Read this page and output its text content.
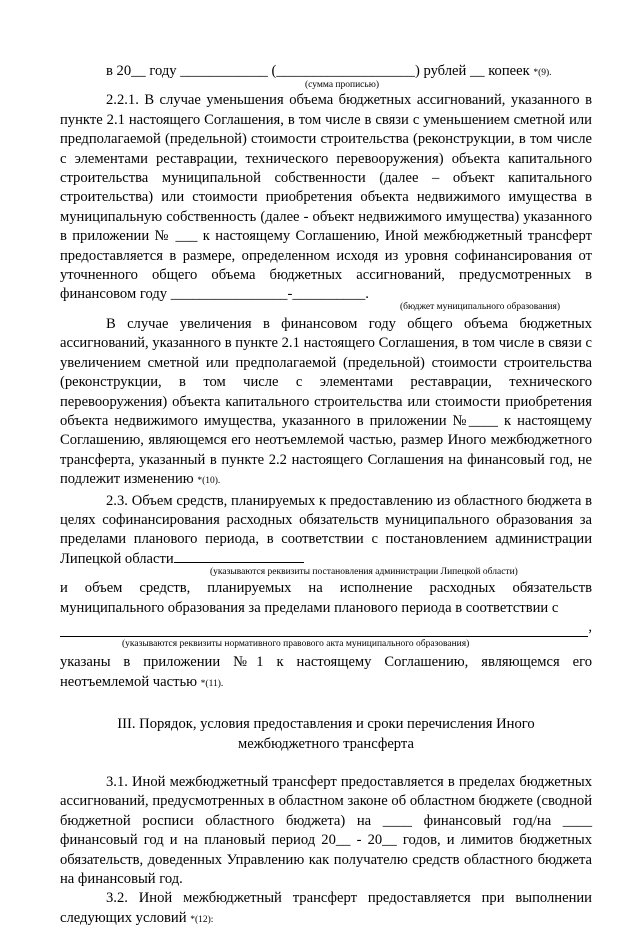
в 20__ году ____________ (___________________) рублей __ копеек *(9).

(сумма прописью)

2.2.1. В случае уменьшения объема бюджетных ассигнований, указанного в пункте 2.1 настоящего Соглашения, в том числе в связи с уменьшением сметной или предполагаемой (предельной) стоимости строительства (реконструкции, в том числе с элементами реставрации, технического перевооружения) объекта капитального строительства муниципальной собственности (далее – объект капитального строительства) или стоимости приобретения объекта недвижимого имущества в муниципальную собственность (далее - объект недвижимого имущества) указанного в приложении № ___ к настоящему Соглашению, Иной межбюджетный трансферт предоставляется в размере, определенном исходя из уровня софинансирования от уточненного общего объема бюджетных ассигнований, предусмотренных в финансовом году ________________-__________.

(бюджет муниципального образования)

В случае увеличения в финансовом году общего объема бюджетных ассигнований, указанного в пункте 2.1 настоящего Соглашения, в том числе в связи с увеличением сметной или предполагаемой (предельной) стоимости строительства (реконструкции, в том числе с элементами реставрации, технического перевооружения) объекта капитального строительства или стоимости приобретения объекта недвижимого имущества, указанного в приложении №____ к настоящему Соглашению, являющемся его неотъемлемой частью, размер Иного межбюджетного трансферта, указанный в пункте 2.2 настоящего Соглашения на финансовый год, не подлежит изменению *(10).

2.3. Объем средств, планируемых к предоставлению из областного бюджета в целях софинансирования расходных обязательств муниципального образования за пределами планового периода, в соответствии с постановлением администрации Липецкой области

(указываются реквизиты постановления администрации Липецкой области)

и объем средств, планируемых на исполнение расходных обязательств муниципального образования за пределами планового периода в соответствии с

,

(указываются реквизиты нормативного правового акта муниципального образования)

указаны в приложении №1 к настоящему Соглашению, являющемся его неотъемлемой частью *(11).

III. Порядок, условия предоставления и сроки перечисления Иного межбюджетного трансферта

3.1. Иной межбюджетный трансферт предоставляется в пределах бюджетных ассигнований, предусмотренных в областном законе об областном бюджете (сводной бюджетной росписи областного бюджета) на ____ финансовый год/на ____ финансовый год и на плановый период 20__ - 20__ годов, и лимитов бюджетных обязательств, доведенных Управлению как получателю средств областного бюджета на финансовый год.

3.2. Иной межбюджетный трансферт предоставляется при выполнении следующих условий *(12):
